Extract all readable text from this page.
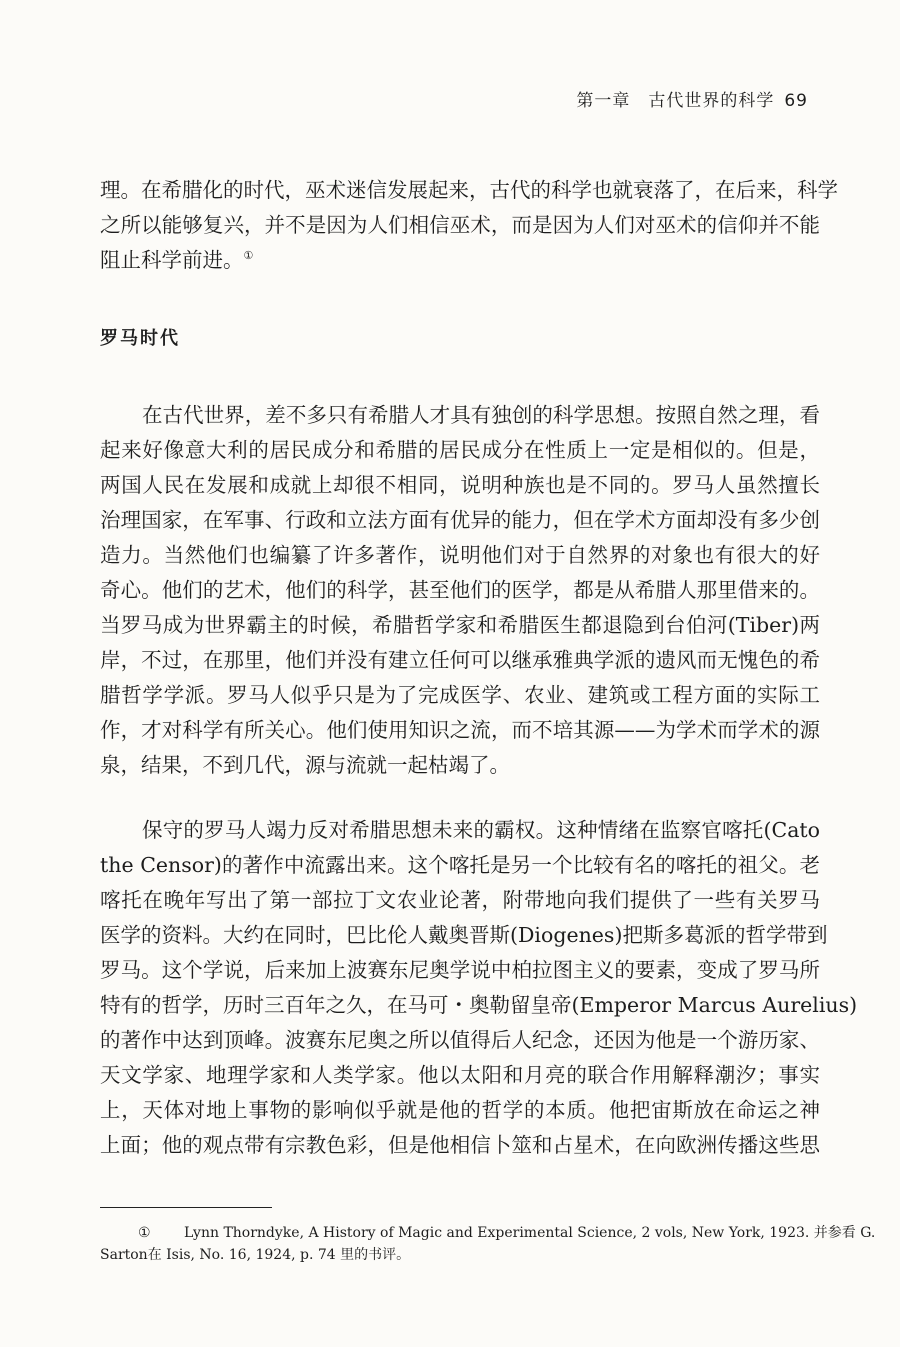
第一章 古代世界的科学 69
理。在希腊化的时代，巫术迷信发展起来，古代的科学也就衰落了，在后来，科学
之所以能够复兴，并不是因为人们相信巫术，而是因为人们对巫术的信仰并不能
阻止科学前进。①
罗马时代
在古代世界，差不多只有希腊人才具有独创的科学思想。按照自然之理，看
起来好像意大利的居民成分和希腊的居民成分在性质上一定是相似的。但是，
两国人民在发展和成就上却很不相同，说明种族也是不同的。罗马人虽然擅长
治理国家，在军事、行政和立法方面有优异的能力，但在学术方面却没有多少创
造力。当然他们也编纂了许多著作，说明他们对于自然界的对象也有很大的好
奇心。他们的艺术，他们的科学，甚至他们的医学，都是从希腊人那里借来的。
当罗马成为世界霸主的时候，希腊哲学家和希腊医生都退隐到台伯河(Tiber)两
岸，不过，在那里，他们并没有建立任何可以继承雅典学派的遗风而无愧色的希
腊哲学学派。罗马人似乎只是为了完成医学、农业、建筑或工程方面的实际工
作，才对科学有所关心。他们使用知识之流，而不培其源——为学术而学术的源
泉，结果，不到几代，源与流就一起枯竭了。
保守的罗马人竭力反对希腊思想未来的霸权。这种情绪在监察官喀托(Cato
the Censor)的著作中流露出来。这个喀托是另一个比较有名的喀托的祖父。老
喀托在晚年写出了第一部拉丁文农业论著，附带地向我们提供了一些有关罗马
医学的资料。大约在同时，巴比伦人戴奥晋斯(Diogenes)把斯多葛派的哲学带到
罗马。这个学说，后来加上波赛东尼奥学说中柏拉图主义的要素，变成了罗马所
特有的哲学，历时三百年之久，在马可・奥勒留皇帝(Emperor Marcus Aurelius)
的著作中达到顶峰。波赛东尼奥之所以值得后人纪念，还因为他是一个游历家、
天文学家、地理学家和人类学家。他以太阳和月亮的联合作用解释潮汐；事实
上，天体对地上事物的影响似乎就是他的哲学的本质。他把宙斯放在命运之神
上面；他的观点带有宗教色彩，但是他相信卜筮和占星术，在向欧洲传播这些思
① Lynn Thorndyke, A History of Magic and Experimental Science, 2 vols, New York, 1923. 并参看 G.
Sarton在 Isis, No. 16, 1924, p. 74 里的书评。
